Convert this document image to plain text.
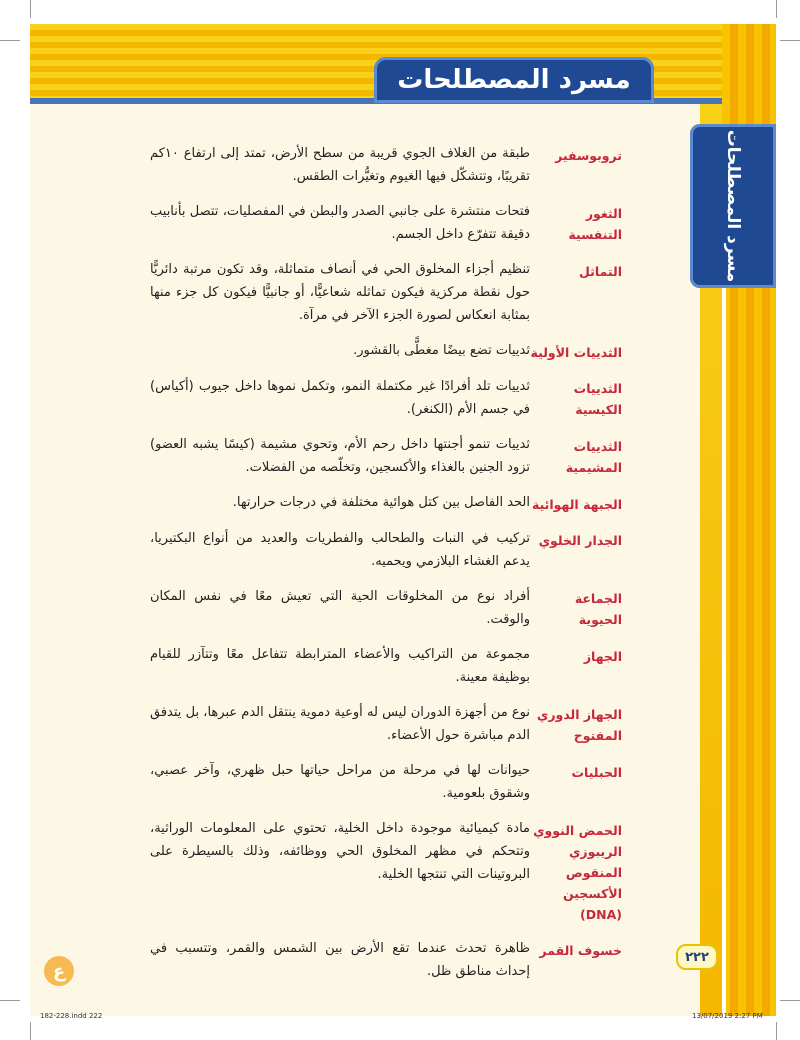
مسرد المصطلحات
مسرد المصطلحات
تروبوسفير
طبقة من الغلاف الجوي قريبة من سطح الأرض، تمتد إلى ارتفاع ١٠كم تقريبًا، وتتشكّل فيها الغيوم وتغيُّرات الطقس.
الثغور التنفسية
فتحات منتشرة على جانبي الصدر والبطن في المفصليات، تتصل بأنابيب دقيقة تتفرّع داخل الجسم.
التماثل
تنظيم أجزاء المخلوق الحي في أنصاف متماثلة، وقد تكون مرتبة دائريًّا حول نقطة مركزية فيكون تماثله شعاعيًّا، أو جانبيًّا فيكون كل جزء منها بمثابة انعكاس لصورة الجزء الآخر في مرآة.
الثدييات الأولية
ثدييات تضع بيضًا مغطًّى بالقشور.
الثدييات الكيسية
ثدييات تلد أفرادًا غير مكتملة النمو، وتكمل نموها داخل جيوب (أكياس) في جسم الأم (الكنغر).
الثدييات المشيمية
ثدييات تنمو أجنتها داخل رحم الأم، وتحوي مشيمة (كيسًا يشبه العضو) تزود الجنين بالغذاء والأكسجين، وتخلّصه من الفضلات.
الجبهة الهوائية
الحد الفاصل بين كتل هوائية مختلفة في درجات حرارتها.
الجدار الخلوي
تركيب في النبات والطحالب والفطريات والعديد من أنواع البكتيريا، يدعم الغشاء البلازمي ويحميه.
الجماعة الحيوية
أفراد نوع من المخلوقات الحية التي تعيش معًا في نفس المكان والوقت.
الجهاز
مجموعة من التراكيب والأعضاء المترابطة تتفاعل معًا وتتآزر للقيام بوظيفة معينة.
الجهاز الدوري المفتوح
نوع من أجهزة الدوران ليس له أوعية دموية ينتقل الدم عبرها، بل يتدفق الدم مباشرة حول الأعضاء.
الحبليات
حيوانات لها في مرحلة من مراحل حياتها حبل ظهري، وآخر عصبي، وشقوق بلعومية.
الحمض النووي الريبوزي المنقوص الأكسجين (DNA)
مادة كيميائية موجودة داخل الخلية، تحتوي على المعلومات الوراثية، وتتحكم في مظهر المخلوق الحي ووظائفه، وذلك بالسيطرة على البروتينات التي تنتجها الخلية.
خسوف القمر
ظاهرة تحدث عندما تقع الأرض بين الشمس والقمر، وتتسبب في إحداث مناطق ظل.
٢٢٢
ع
182-228.indd 222	13/07/2019 2:27 PM
